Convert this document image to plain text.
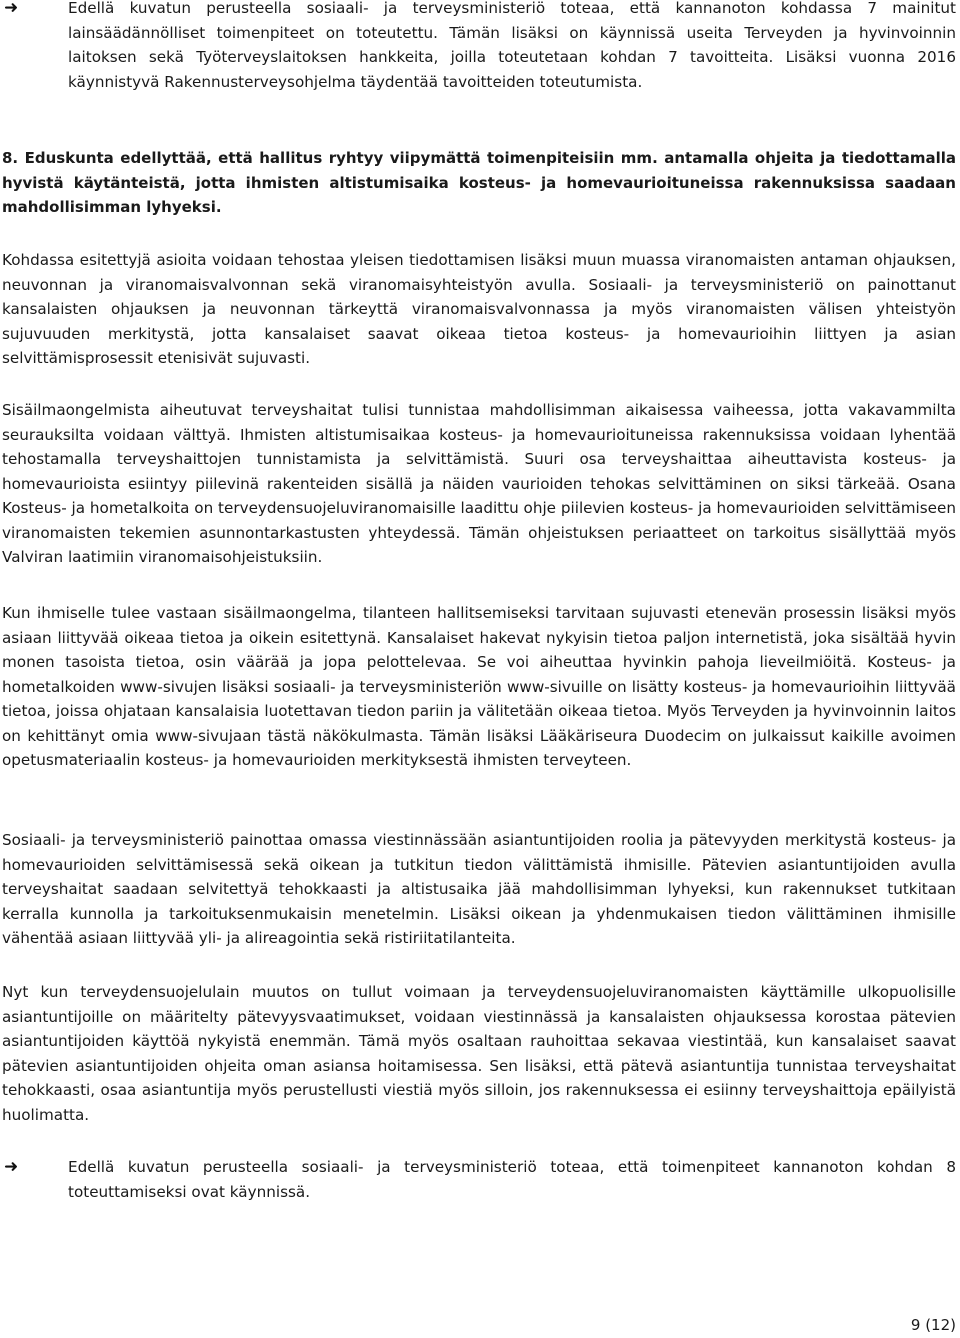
➜	Edellä kuvatun perusteella sosiaali- ja terveysministeriö toteaa, että kannanoton kohdassa 7 mainitut lainsäädännölliset toimenpiteet on toteutettu. Tämän lisäksi on käynnissä useita Terveyden ja hyvinvoinnin laitoksen sekä Työterveyslaitoksen hankkeita, joilla toteutetaan kohdan 7 tavoitteita. Lisäksi vuonna 2016 käynnistyvä Rakennusterveysohjelma täydentää tavoitteiden toteutumista.
8. Eduskunta edellyttää, että hallitus ryhtyy viipymättä toimenpiteisiin mm. antamalla ohjeita ja tiedottamalla hyvistä käytänteistä, jotta ihmisten altistumisaika kosteus- ja homevaurioituneissa rakennuksissa saadaan mahdollisimman lyhyeksi.

Kohdassa esitettyjä asioita voidaan tehostaa yleisen tiedottamisen lisäksi muun muassa viranomaisten antaman ohjauksen, neuvonnan ja viranomaisvalvonnan sekä viranomaisyhteistyön avulla. Sosiaali- ja terveysministeriö on painottanut kansalaisten ohjauksen ja neuvonnan tärkeyttä viranomaisvalvonnassa ja myös viranomaisten välisen yhteistyön sujuvuuden merkitystä, jotta kansalaiset saavat oikeaa tietoa kosteus- ja homevaurioihin liittyen ja asian selvittämisprosessit etenisivät sujuvasti.

Sisäilmaongelmista aiheutuvat terveyshaitat tulisi tunnistaa mahdollisimman aikaisessa vaiheessa, jotta vakavammilta seurauksilta voidaan välttyä. Ihmisten altistumisaikaa kosteus- ja homevaurioituneissa rakennuksissa voidaan lyhentää tehostamalla terveyshaittojen tunnistamista ja selvittämistä. Suuri osa terveyshaittaa aiheuttavista kosteus- ja homevaurioista esiintyy piilevinä rakenteiden sisällä ja näiden vaurioiden tehokas selvittäminen on siksi tärkeää. Osana Kosteus- ja hometalkoita on terveydensuojeluviranomaisille laadittu ohje piilevien kosteus- ja homevaurioiden selvittämiseen viranomaisten tekemien asunnontarkastusten yhteydessä. Tämän ohjeistuksen periaatteet on tarkoitus sisällyttää myös Valviran laatimiin viranomaisohjeistuksiin.

Kun ihmiselle tulee vastaan sisäilmaongelma, tilanteen hallitsemiseksi tarvitaan sujuvasti etenevän prosessin lisäksi myös asiaan liittyvää oikeaa tietoa ja oikein esitettynä. Kansalaiset hakevat nykyisin tietoa paljon internetistä, joka sisältää hyvin monen tasoista tietoa, osin väärää ja jopa pelottelevaa. Se voi aiheuttaa hyvinkin pahoja lieveilmiöitä. Kosteus- ja hometalkoiden www-sivujen lisäksi sosiaali- ja terveysministeriön www-sivuille on lisätty kosteus- ja homevaurioihin liittyvää tietoa, joissa ohjataan kansalaisia luotettavan tiedon pariin ja välitetään oikeaa tietoa. Myös Terveyden ja hyvinvoinnin laitos on kehittänyt omia www-sivujaan tästä näkökulmasta. Tämän lisäksi Lääkäriseura Duodecim on julkaissut kaikille avoimen opetusmateriaalin kosteus- ja homevaurioiden merkityksestä ihmisten terveyteen.

Sosiaali- ja terveysministeriö painottaa omassa viestinnässään asiantuntijoiden roolia ja pätevyyden merkitystä kosteus- ja homevaurioiden selvittämisessä sekä oikean ja tutkitun tiedon välittämistä ihmisille. Pätevien asiantuntijoiden avulla terveyshaitat saadaan selvitettyä tehokkaasti ja altistusaika jää mahdollisimman lyhyeksi, kun rakennukset tutkitaan kerralla kunnolla ja tarkoituksenmukaisin menetelmin. Lisäksi oikean ja yhdenmukaisen tiedon välittäminen ihmisille vähentää asiaan liittyvää yli- ja alireagointia sekä ristiriitatilanteita.

Nyt kun terveydensuojelulain muutos on tullut voimaan ja terveydensuojeluviranomaisten käyttämille ulkopuolisille asiantuntijoille on määritelty pätevyysvaatimukset, voidaan viestinnässä ja kansalaisten ohjauksessa korostaa pätevien asiantuntijoiden käyttöä nykyistä enemmän. Tämä myös osaltaan rauhoittaa sekavaa viestintää, kun kansalaiset saavat pätevien asiantuntijoiden ohjeita oman asiansa hoitamisessa. Sen lisäksi, että pätevä asiantuntija tunnistaa terveyshaitat tehokkaasti, osaa asiantuntija myös perustellusti viestiä myös silloin, jos rakennuksessa ei esiinny terveyshaittoja epäilyistä huolimatta.

➜	Edellä kuvatun perusteella sosiaali- ja terveysministeriö toteaa, että toimenpiteet kannanoton kohdan 8 toteuttamiseksi ovat käynnissä.
9 (12)
